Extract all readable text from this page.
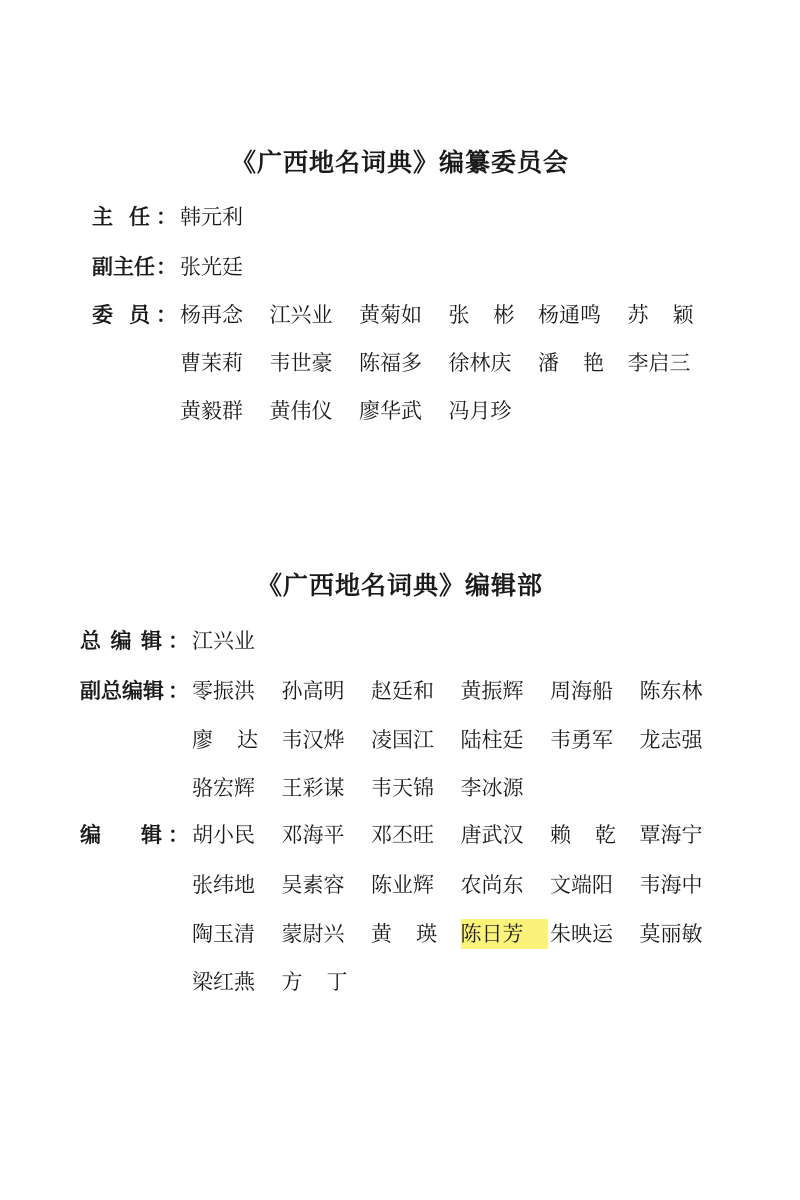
《广西地名词典》编纂委员会
主 任 ： 韩元利
副 主 任 ： 张光廷
委 员 ： 杨再念 江兴业 黄菊如 张 彬 杨通鸣 苏 颖
曹茉莉 韦世豪 陈福多 徐林庆 潘 艳 李启三
黄毅群 黄伟仪 廖华武 冯月珍
《广西地名词典》编辑部
总 编 辑 ： 江兴业
副总编辑 ： 零振洪 孙高明 赵廷和 黄振辉 周海船 陈东林
廖 达 韦汉烨 凌国江 陆柱廷 韦勇军 龙志强
骆宏辉 王彩谋 韦天锦 李冰源
编 辑 ： 胡小民 邓海平 邓丕旺 唐武汉 赖 乾 覃海宁
张纬地 吴素容 陈业辉 农尚东 文端阳 韦海中
陶玉清 蒙尉兴 黄 瑛 陈日芳	朱映运 莫丽敏
梁红燕 方 丁
